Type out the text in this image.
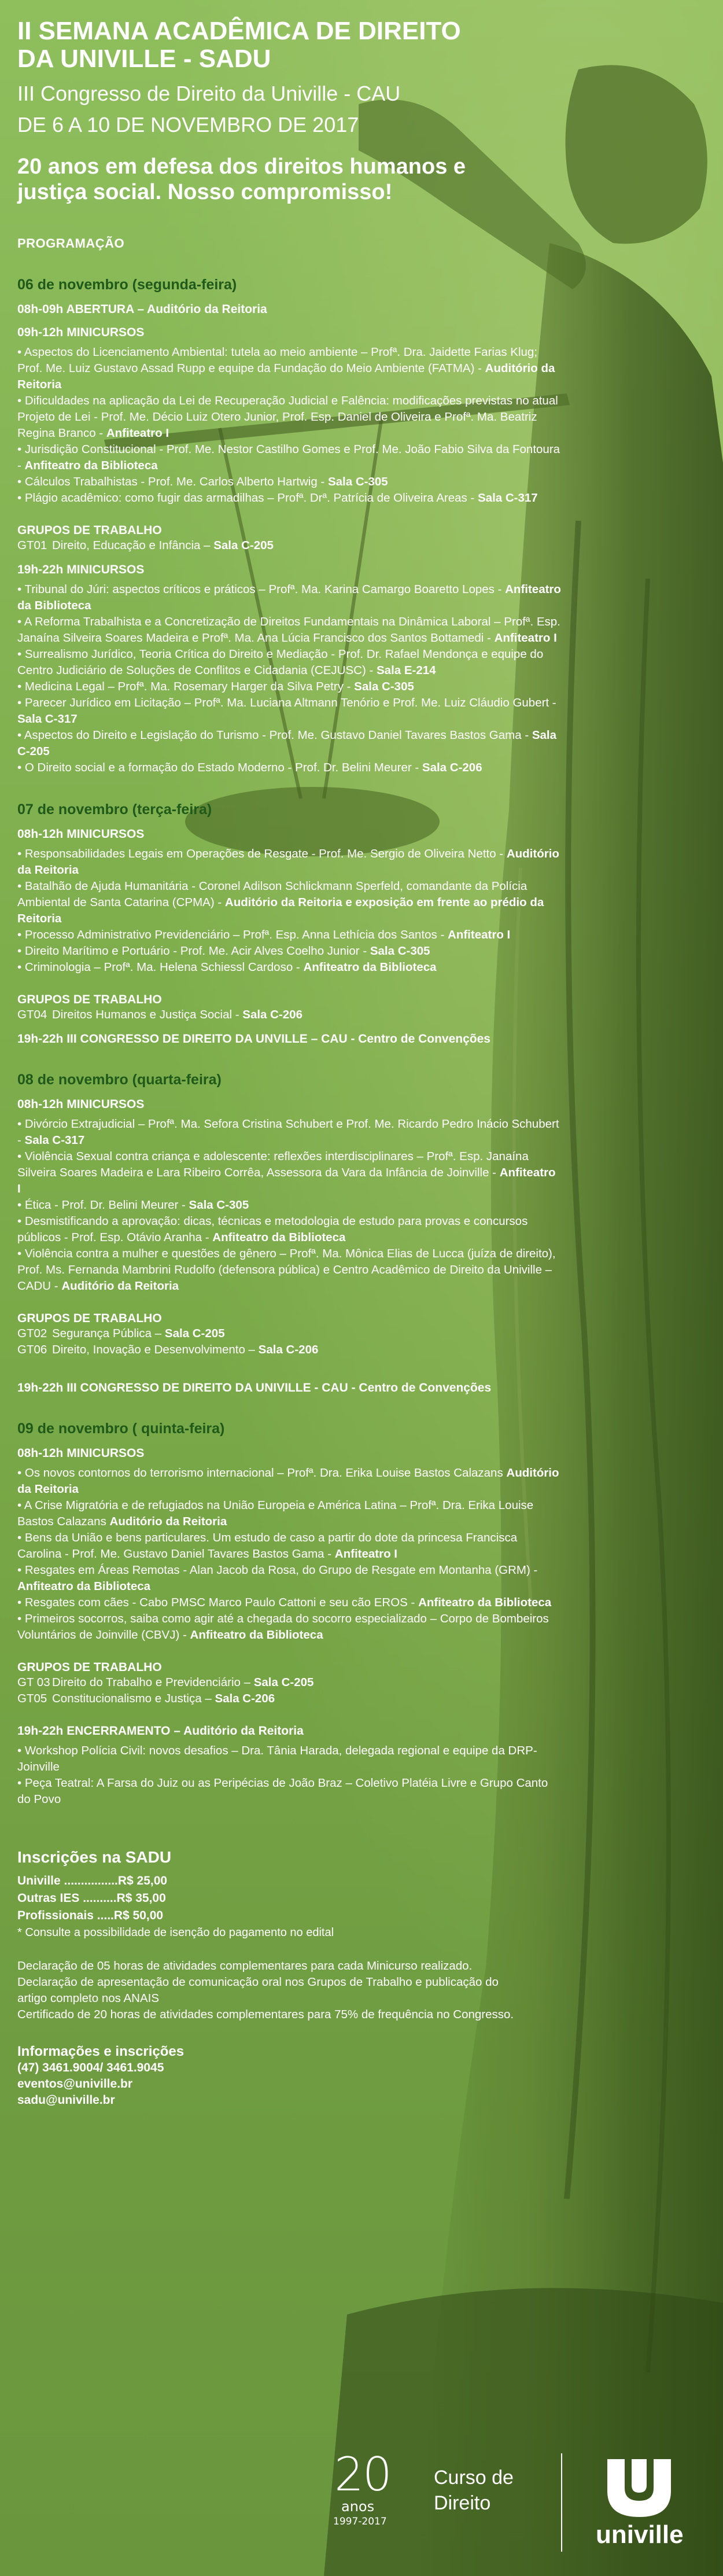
II SEMANA ACADÊMICA DE DIREITO
DA UNIVILLE - SADU

III Congresso de Direito da Univille - CAU

DE 6 A 10 DE NOVEMBRO DE 2017

20 anos em defesa dos direitos humanos e
justiça social. Nosso compromisso!

PROGRAMAÇÃO

06 de novembro (segunda-feira)

08h-09h ABERTURA – Auditório da Reitoria

09h-12h MINICURSOS

• Aspectos do Licenciamento Ambiental: tutela ao meio ambiente – Profª. Dra. Jaidette Farias Klug; Prof. Me. Luiz Gustavo Assad Rupp e equipe da Fundação do Meio Ambiente (FATMA) - Auditório da Reitoria
• Dificuldades na aplicação da Lei de Recuperação Judicial e Falência: modificações previstas no atual Projeto de Lei - Prof. Me. Décio Luiz Otero Junior, Prof. Esp. Daniel de Oliveira e Profª. Ma. Beatriz Regina Branco - Anfiteatro I
• Jurisdição Constitucional - Prof. Me. Nestor Castilho Gomes e Prof. Me. João Fabio Silva da Fontoura - Anfiteatro da Biblioteca
• Cálculos Trabalhistas - Prof. Me. Carlos Alberto Hartwig - Sala C-305
• Plágio acadêmico: como fugir das armadilhas – Profª. Drª. Patrícia de Oliveira Areas - Sala C-317

GRUPOS DE TRABALHO

GT01 Direito, Educação e Infância – Sala C-205

19h-22h MINICURSOS

• Tribunal do Júri: aspectos críticos e práticos – Profª. Ma. Karina Camargo Boaretto Lopes - Anfiteatro da Biblioteca
• A Reforma Trabalhista e a Concretização de Direitos Fundamentais na Dinâmica Laboral – Profª. Esp. Janaína Silveira Soares Madeira e Profª. Ma. Ana Lúcia Francisco dos Santos Bottamedi - Anfiteatro I
• Surrealismo Jurídico, Teoria Crítica do Direito e Mediação - Prof. Dr. Rafael Mendonça e equipe do Centro Judiciário de Soluções de Conflitos e Cidadania (CEJUSC) - Sala E-214
• Medicina Legal – Profª. Ma. Rosemary Harger da Silva Petry - Sala C-305
• Parecer Jurídico em Licitação – Profª. Ma. Luciana Altmann Tenório e Prof. Me. Luiz Cláudio Gubert - Sala C-317
• Aspectos do Direito e Legislação do Turismo - Prof. Me. Gustavo Daniel Tavares Bastos Gama - Sala C-205
• O Direito social e a formação do Estado Moderno - Prof. Dr. Belini Meurer - Sala C-206

07 de novembro (terça-feira)

08h-12h MINICURSOS

• Responsabilidades Legais em Operações de Resgate - Prof. Me. Sergio de Oliveira Netto - Auditório da Reitoria
• Batalhão de Ajuda Humanitária - Coronel Adilson Schlickmann Sperfeld, comandante da Polícia Ambiental de Santa Catarina (CPMA) - Auditório da Reitoria e exposição em frente ao prédio da Reitoria
• Processo Administrativo Previdenciário – Profª. Esp. Anna Lethícia dos Santos - Anfiteatro I
• Direito Marítimo e Portuário - Prof. Me. Acir Alves Coelho Junior - Sala C-305
• Criminologia – Profª. Ma. Helena Schiessl Cardoso - Anfiteatro da Biblioteca

GRUPOS DE TRABALHO

GT04 Direitos Humanos e Justiça Social - Sala C-206

19h-22h III CONGRESSO DE DIREITO DA UNVILLE – CAU - Centro de Convenções

08 de novembro (quarta-feira)

08h-12h MINICURSOS

• Divórcio Extrajudicial – Profª. Ma. Sefora Cristina Schubert e Prof. Me. Ricardo Pedro Inácio Schubert - Sala C-317
• Violência Sexual contra criança e adolescente: reflexões interdisciplinares – Profª. Esp. Janaína Silveira Soares Madeira e Lara Ribeiro Corrêa, Assessora da Vara da Infância de Joinville - Anfiteatro I
• Ética - Prof. Dr. Belini Meurer - Sala C-305
• Desmistificando a aprovação: dicas, técnicas e metodologia de estudo para provas e concursos públicos - Prof. Esp. Otávio Aranha - Anfiteatro da Biblioteca
• Violência contra a mulher e questões de gênero – Profª. Ma. Mônica Elias de Lucca (juíza de direito), Prof. Ms. Fernanda Mambrini Rudolfo (defensora pública) e Centro Acadêmico de Direito da Univille – CADU - Auditório da Reitoria

GRUPOS DE TRABALHO

GT02 Segurança Pública – Sala C-205

GT06 Direito, Inovação e Desenvolvimento – Sala C-206

19h-22h III CONGRESSO DE DIREITO DA UNIVILLE - CAU - Centro de Convenções

09 de novembro ( quinta-feira)

08h-12h MINICURSOS

• Os novos contornos do terrorismo internacional – Profª. Dra. Erika Louise Bastos Calazans Auditório da Reitoria
• A Crise Migratória e de refugiados na União Europeia e América Latina – Profª. Dra. Erika Louise Bastos Calazans Auditório da Reitoria
• Bens da União e bens particulares. Um estudo de caso a partir do dote da princesa Francisca Carolina - Prof. Me. Gustavo Daniel Tavares Bastos Gama - Anfiteatro I
• Resgates em Áreas Remotas - Alan Jacob da Rosa, do Grupo de Resgate em Montanha (GRM) - Anfiteatro da Biblioteca
• Resgates com cães - Cabo PMSC Marco Paulo Cattoni e seu cão EROS - Anfiteatro da Biblioteca
• Primeiros socorros, saiba como agir até a chegada do socorro especializado – Corpo de Bombeiros Voluntários de Joinville (CBVJ) - Anfiteatro da Biblioteca

GRUPOS DE TRABALHO

GT 03 Direito do Trabalho e Previdenciário – Sala C-205

GT05 Constitucionalismo e Justiça – Sala C-206

19h-22h ENCERRAMENTO – Auditório da Reitoria

• Workshop Polícia Civil: novos desafios – Dra. Tânia Harada, delegada regional e equipe da DRP-Joinville
• Peça Teatral: A Farsa do Juiz ou as Peripécias de João Braz – Coletivo Platéia Livre e Grupo Canto do Povo

Inscrições na SADU

Univille ................R$ 25,00

Outras IES ..........R$ 35,00

Profissionais .....R$ 50,00

* Consulte a possibilidade de isenção do pagamento no edital

Declaração de 05 horas de atividades complementares para cada Minicurso realizado.

Declaração de apresentação de comunicação oral nos Grupos de Trabalho e publicação do artigo completo nos ANAIS

Certificado de 20 horas de atividades complementares para 75% de frequência no Congresso.

Informações e inscrições

(47) 3461.9004/ 3461.9045

eventos@univille.br

sadu@univille.br

20
anos
1997-2017
Curso de
Direito
univille
